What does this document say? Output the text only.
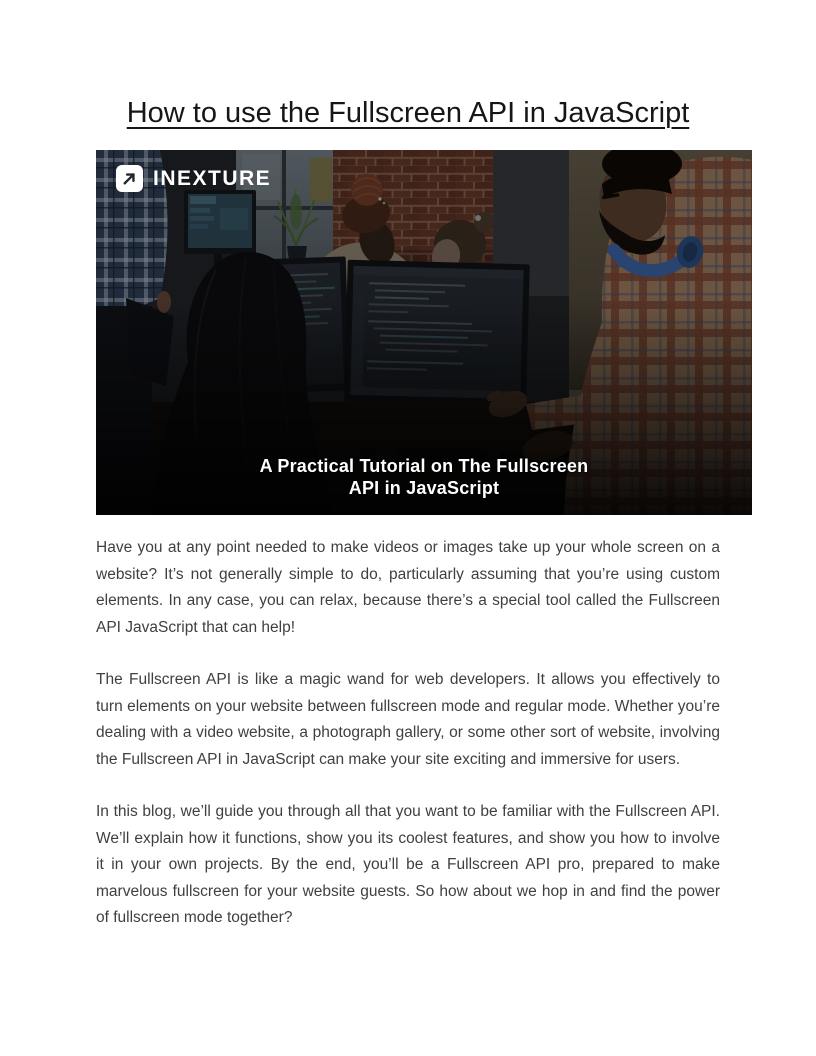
How to use the Fullscreen API in JavaScript
INEXTURE
A Practical Tutorial on The Fullscreen
API in JavaScript

Have you at any point needed to make videos or images take up your whole screen on a website? It’s not generally simple to do, particularly assuming that you’re using custom elements. In any case, you can relax, because there’s a special tool called the Fullscreen API JavaScript that can help!

The Fullscreen API is like a magic wand for web developers. It allows you effectively to turn elements on your website between fullscreen mode and regular mode. Whether you’re dealing with a video website, a photograph gallery, or some other sort of website, involving the Fullscreen API in JavaScript can make your site exciting and immersive for users.

In this blog, we’ll guide you through all that you want to be familiar with the Fullscreen API. We’ll explain how it functions, show you its coolest features, and show you how to involve it in your own projects. By the end, you’ll be a Fullscreen API pro, prepared to make marvelous fullscreen for your website guests. So how about we hop in and find the power of fullscreen mode together?
